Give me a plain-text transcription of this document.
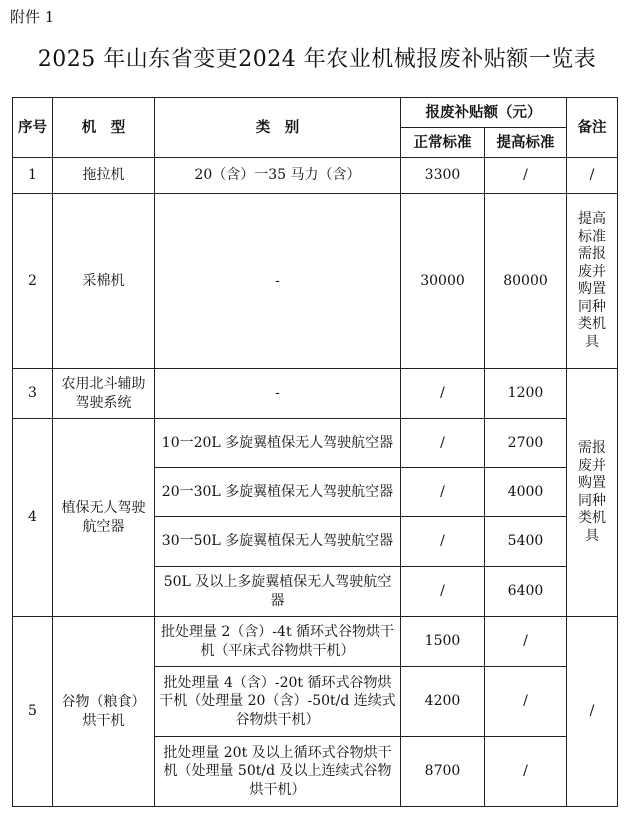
附件 1
2025 年山东省变更2024 年农业机械报废补贴额一览表
序号	机　型	类　别	报废补贴额（元）		备注
			正常标准	提高标准	
1	拖拉机	20（含）一35 马力（含）	3300	/	/
2	采棉机	-	30000	80000	提高标准需报废并购置同种类机具
3	农用北斗辅助驾驶系统	-	/	1200	需报废并购置同种类机具
4	植保无人驾驶航空器	10一20L 多旋翼植保无人驾驶航空器	/	2700	
		20一30L 多旋翼植保无人驾驶航空器	/	4000	
		30一50L 多旋翼植保无人驾驶航空器	/	5400	
		50L 及以上多旋翼植保无人驾驶航空器	/	6400	
5	谷物（粮食）烘干机	批处理量 2（含）-4t 循环式谷物烘干机（平床式谷物烘干机）	1500	/	/
		批处理量 4（含）-20t 循环式谷物烘干机（处理量 20（含）-50t/d 连续式谷物烘干机）	4200	/	
		批处理量 20t 及以上循环式谷物烘干机（处理量 50t/d 及以上连续式谷物烘干机）	8700	/	
